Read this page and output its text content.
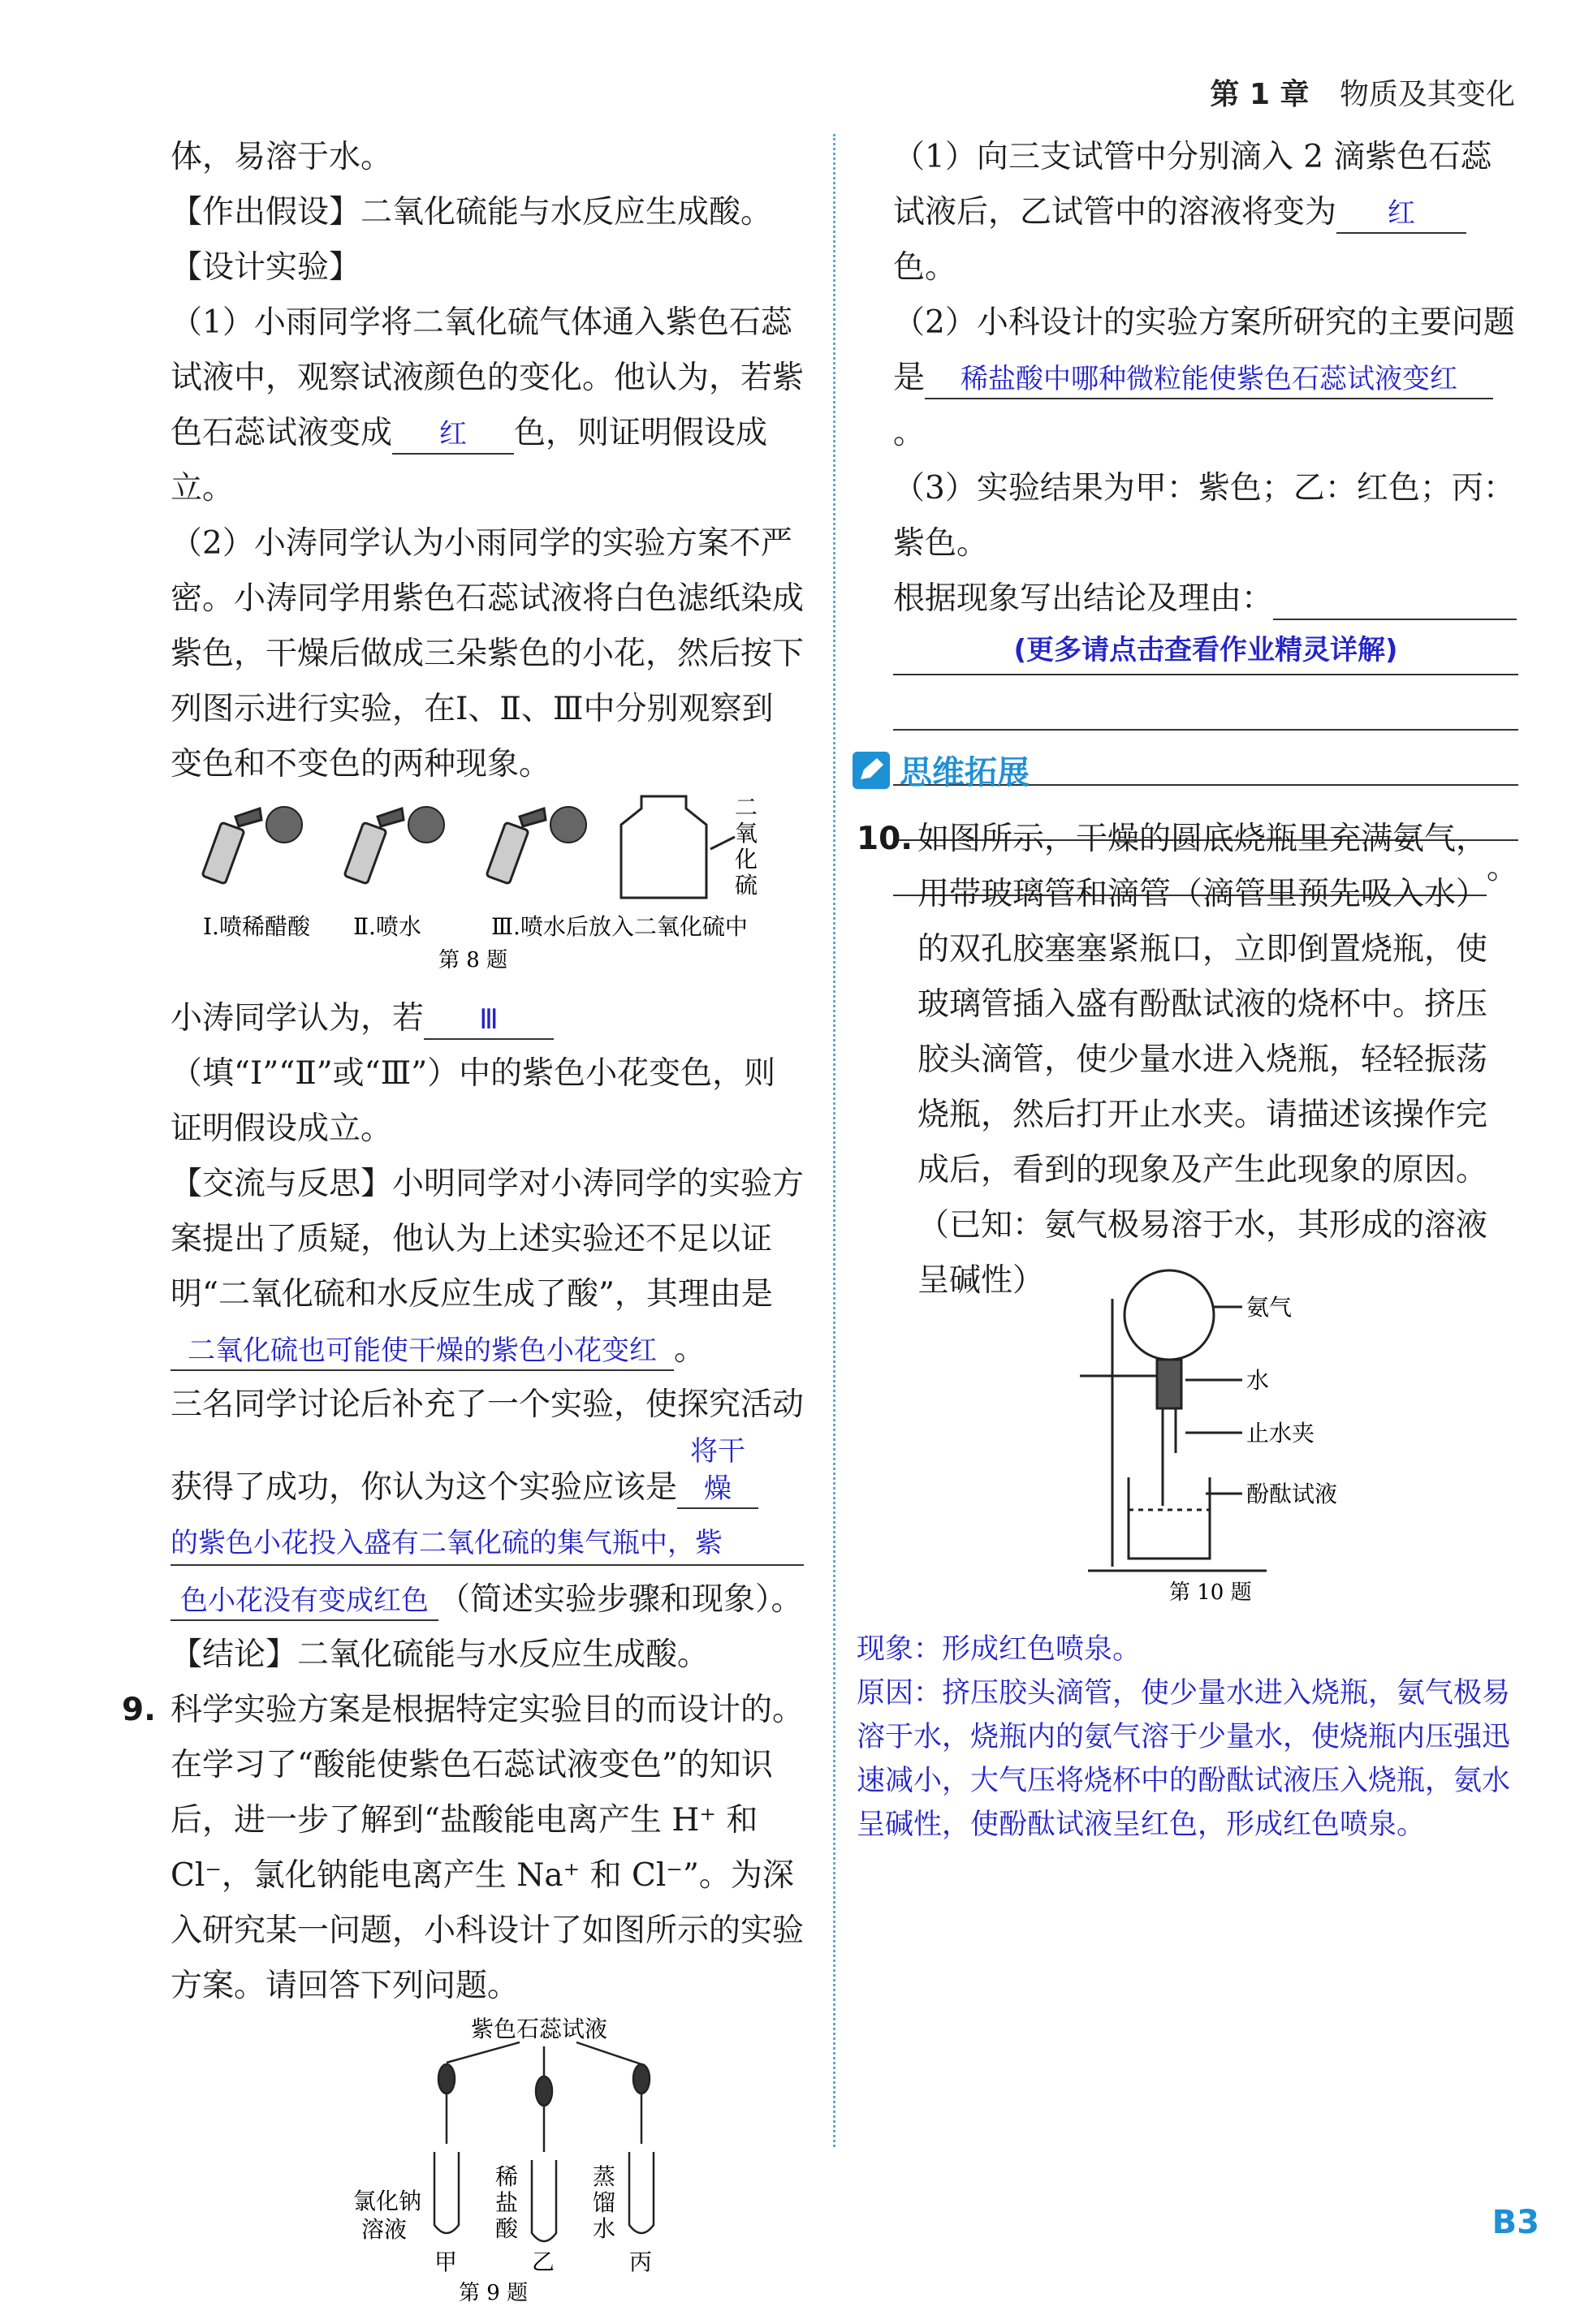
第 1 章 物质及其变化

体，易溶于水。

【作出假设】二氧化硫能与水反应生成酸。

【设计实验】

（1）小雨同学将二氧化硫气体通入紫色石蕊试液中，观察试液颜色的变化。他认为，若紫色石蕊试液变成 红 色，则证明假设成立。

（2）小涛同学认为小雨同学的实验方案不严密。小涛同学用紫色石蕊试液将白色滤纸染成紫色，干燥后做成三朵紫色的小花，然后按下列图示进行实验，在Ⅰ、Ⅱ、Ⅲ中分别观察到变色和不变色的两种现象。

二
氧
化
硫
Ⅰ.喷稀醋酸 Ⅱ.喷水	Ⅲ.喷水后放入二氧化硫中
第 8 题

小涛同学认为，若 Ⅲ（填“Ⅰ”“Ⅱ”或“Ⅲ”）中的紫色小花变色，则证明假设成立。

【交流与反思】小明同学对小涛同学的实验方案提出了质疑，他认为上述实验还不足以证明“二氧化硫和水反应生成了酸”，其理由是二氧化硫也可能使干燥的紫色小花变红 。

三名同学讨论后补充了一个实验，使探究活动获得了成功，你认为这个实验应该是将干燥

的紫色小花投入盛有二氧化硫的集气瓶中，紫

色小花没有变成红色 （简述实验步骤和现象）。

【结论】二氧化硫能与水反应生成酸。

9. 科学实验方案是根据特定实验目的而设计的。在学习了“酸能使紫色石蕊试液变色”的知识后，进一步了解到“盐酸能电离产生 H⁺ 和 Cl⁻，氯化钠能电离产生 Na⁺ 和 Cl⁻”。为深入研究某一问题，小科设计了如图所示的实验方案。请回答下列问题。

紫色石蕊试液
氯化钠
溶液
稀
盐
酸
蒸
馏
水
甲	乙	丙
第 9 题

（1）向三支试管中分别滴入 2 滴紫色石蕊试液后，乙试管中的溶液将变为 红色。

（2）小科设计的实验方案所研究的主要问题是 稀盐酸中哪种微粒能使紫色石蕊试液变红。

（3）实验结果为甲：紫色；乙：红色；丙：紫色。

根据现象写出结论及理由：

(更多请点击查看作业精灵详解)
。
思维拓展

10. 如图所示，干燥的圆底烧瓶里充满氨气，用带玻璃管和滴管（滴管里预先吸入水）的双孔胶塞塞紧瓶口，立即倒置烧瓶，使玻璃管插入盛有酚酞试液的烧杯中。挤压胶头滴管，使少量水进入烧瓶，轻轻振荡烧瓶，然后打开止水夹。请描述该操作完成后，看到的现象及产生此现象的原因。（已知：氨气极易溶于水，其形成的溶液呈碱性）

氨气
水
止水夹
酚酞试液
第 10 题
现象：形成红色喷泉。
原因：挤压胶头滴管，使少量水进入烧瓶，氨气极易溶于水，烧瓶内的氨气溶于少量水，使烧瓶内压强迅速减小，大气压将烧杯中的酚酞试液压入烧瓶，氨水呈碱性，使酚酞试液呈红色，形成红色喷泉。
B3
